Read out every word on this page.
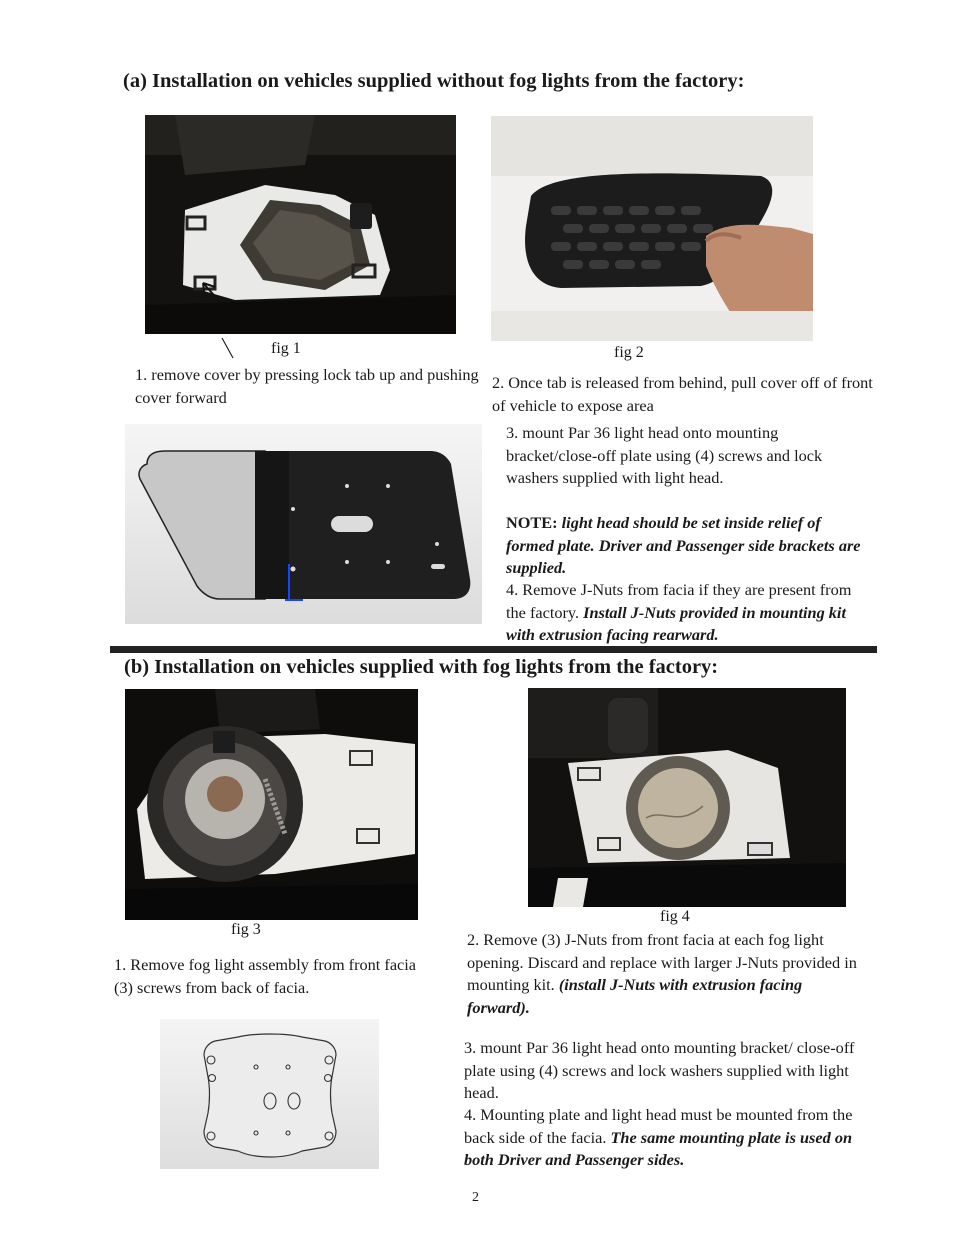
(a) Installation on vehicles supplied without fog lights from the factory:
fig 1
1. remove cover by pressing lock tab up and pushing cover forward
fig 2
2. Once tab is released from behind, pull cover off of front of vehicle to expose area
3. mount Par 36 light head onto mounting bracket/close-off plate using (4) screws and lock washers supplied with light head.
NOTE: light head should be set inside relief of formed plate. Driver and Passenger side brackets are supplied.
4. Remove J-Nuts from facia if they are present from the factory. Install J-Nuts provided in mounting kit with extrusion facing rearward.
(b) Installation on vehicles supplied with fog lights from the factory:
fig 3
1. Remove fog light assembly from front facia (3) screws from back of facia.
fig 4
2. Remove (3) J-Nuts from front facia at each fog light opening. Discard and replace with larger J-Nuts provided in mounting kit. (install J-Nuts with extrusion facing forward).
3. mount Par 36 light head onto mounting bracket/ close-off plate using (4) screws and lock washers supplied with light head.
4. Mounting plate and light head must be mounted from the back side of the facia. The same mounting plate is used on both Driver and Passenger sides.
2
